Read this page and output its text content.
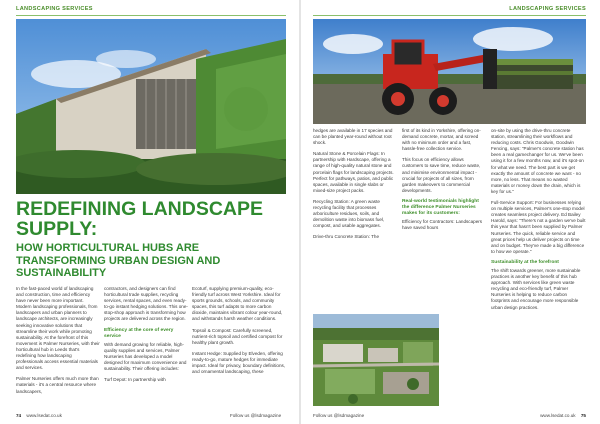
LANDSCAPING SERVICES
REDEFINING LANDSCAPE SUPPLY:
HOW HORTICULTURAL HUBS ARE TRANSFORMING URBAN DESIGN AND SUSTAINABILITY

In the fast-paced world of landscaping and construction, time and efficiency have never been more important. Modern landscaping professionals, from landscapers and urban planners to landscape architects, are increasingly seeking innovative solutions that streamline their work while promoting sustainability. At the forefront of this movement is Palmer Nurseries, with their horticultural hub in Leeds that's redefining how landscaping professionals access essential materials and services.

Palmer Nurseries offers much more than materials - it's a central resource where landscapers,

contractors, and designers can find horticultural trade supplies, recycling services, rental spaces, and even ready-to-go instant hedging solutions. This one-stop-shop approach is transforming how projects are delivered across the region.

Efficiency at the core of every service

With demand growing for reliable, high-quality supplies and services, Palmer Nurseries has developed a model designed for maximum convenience and sustainability. Their offering includes:

Turf Depot: In partnership with

Ecoturf, supplying premium-quality, eco-friendly turf across West Yorkshire. Ideal for sports grounds, schools, and community spaces, this turf adapts to more carbon dioxide, maintains vibrant colour year-round, and withstands harsh weather conditions.

Topsoil & Compost: Carefully screened, nutrient-rich topsoil and certified compost for healthy plant growth.

Instant Hedge: Supplied by Elveden, offering ready-to-go, mature hedges for immediate impact. Ideal for privacy, boundary definitions, and ornamental landscaping, these

74 www.lsedat.co.uk	Follow us @lsdmagazine
LANDSCAPING SERVICES

hedges are available in 17 species and can be planted year-round without root shock.

Natural Stone & Porcelain Flags: In partnership with Hardscape, offering a range of high-quality natural stone and porcelain flags for landscaping projects. Perfect for pathways, patios, and public spaces, available in single slabs or mixed-size project packs.

Recycling Station: A green waste recycling facility that processes arboriculture residues, soils, and demolition waste into biomass fuel, compost, and usable aggregates.

Drive-thru Concrete Station: The

first of its kind in Yorkshire, offering on-demand concrete, mortar, and screed with no minimum order and a fast, hassle-free collection service.

This focus on efficiency allows customers to save time, reduce waste, and minimise environmental impact - crucial for projects of all sizes, from garden makeovers to commercial developments.

Real-world testimonials highlight the difference Palmer Nurseries makes for its customers:

Efficiency for Contractors: Landscapers have saved hours

on-site by using the drive-thru concrete station, streamlining their workflows and reducing costs. Chris Goodwin, Goodwin Fencing, says: "Palmer's concrete station has been a real gamechanger for us. We've been using it for a few months now, and it's spot-on for what we need. The best part is we get exactly the amount of concrete we want - no more, no less. That means no wasted materials or money down the drain, which is key for us."

Full-Service Support: For businesses relying on multiple services, Palmer's one-stop model creates seamless project delivery. Ed Bailey Harold, says: "There's not a garden we've built this year that hasn't been supplied by Palmer Nurseries. The quick, reliable service and great prices help us deliver projects on time and on budget. They've made a big difference to how we operate."

Sustainability at the forefront

The shift towards greener, more sustainable practices is another key benefit of this hub approach. With services like green waste recycling and eco-friendly turf, Palmer Nurseries is helping to reduce carbon footprints and encourage more responsible urban design practices.

Follow us @lsdmagazine	www.lsedat.co.uk 75
